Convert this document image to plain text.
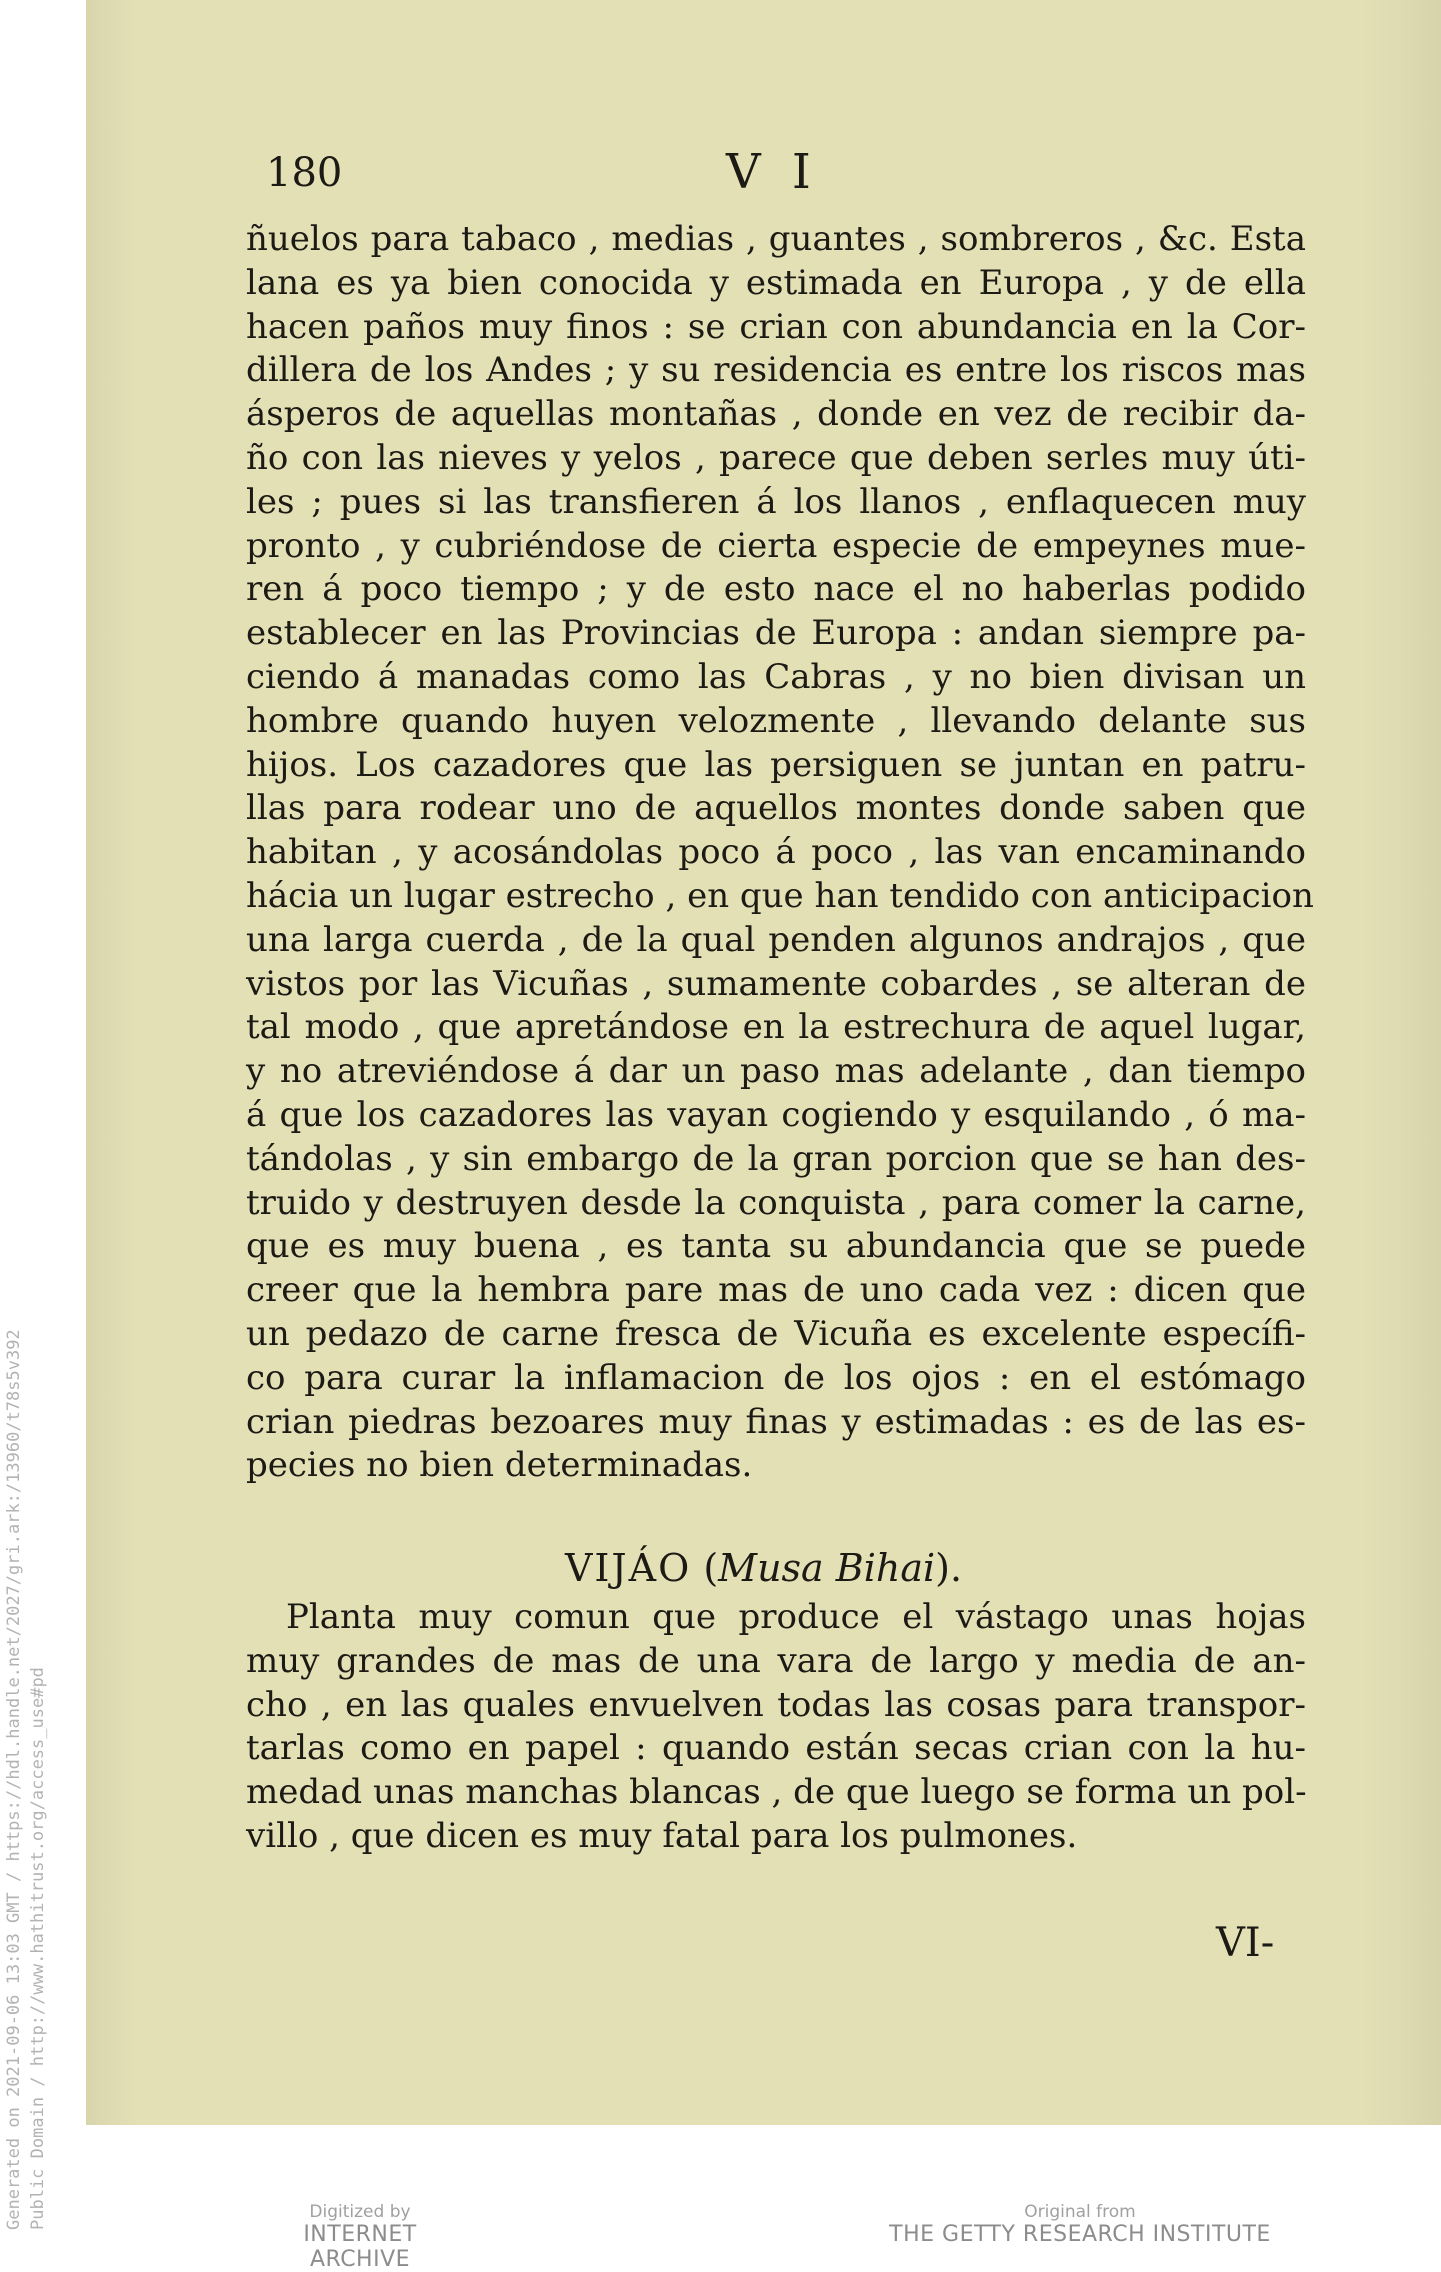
180	V I
ñuelos para tabaco , medias , guantes , sombreros , &c. Esta
lana es ya bien conocida y estimada en Europa , y de ella
hacen paños muy finos : se crian con abundancia en la Cor-
dillera de los Andes ; y su residencia es entre los riscos mas
ásperos de aquellas montañas , donde en vez de recibir da-
ño con las nieves y yelos , parece que deben serles muy úti-
les ; pues si las transfieren á los llanos , enflaquecen muy
pronto , y cubriéndose de cierta especie de empeynes mue-
ren á poco tiempo ; y de esto nace el no haberlas podido
establecer en las Provincias de Europa : andan siempre pa-
ciendo á manadas como las Cabras , y no bien divisan un
hombre quando huyen velozmente , llevando delante sus
hijos. Los cazadores que las persiguen se juntan en patru-
llas para rodear uno de aquellos montes donde saben que
habitan , y acosándolas poco á poco , las van encaminando
hácia un lugar estrecho , en que han tendido con anticipacion
una larga cuerda , de la qual penden algunos andrajos , que
vistos por las Vicuñas , sumamente cobardes , se alteran de
tal modo , que apretándose en la estrechura de aquel lugar,
y no atreviéndose á dar un paso mas adelante , dan tiempo
á que los cazadores las vayan cogiendo y esquilando , ó ma-
tándolas , y sin embargo de la gran porcion que se han des-
truido y destruyen desde la conquista , para comer la carne,
que es muy buena , es tanta su abundancia que se puede
creer que la hembra pare mas de uno cada vez : dicen que
un pedazo de carne fresca de Vicuña es excelente específi-
co para curar la inflamacion de los ojos : en el estómago
crian piedras bezoares muy finas y estimadas : es de las es-
pecies no bien determinadas.
VIJÁO (Musa Bihai).
Planta muy comun que produce el vástago unas hojas
muy grandes de mas de una vara de largo y media de an-
cho , en las quales envuelven todas las cosas para transpor-
tarlas como en papel : quando están secas crian con la hu-
medad unas manchas blancas , de que luego se forma un pol-
villo , que dicen es muy fatal para los pulmones.
VI-
Generated on 2021-09-06 13:03 GMT / https://hdl.handle.net/2027/gri.ark:/13960/t78s5v392 Public Domain / http://www.hathitrust.org/access_use#pd	Digitized by
INTERNET ARCHIVE
Original from
THE GETTY RESEARCH INSTITUTE
